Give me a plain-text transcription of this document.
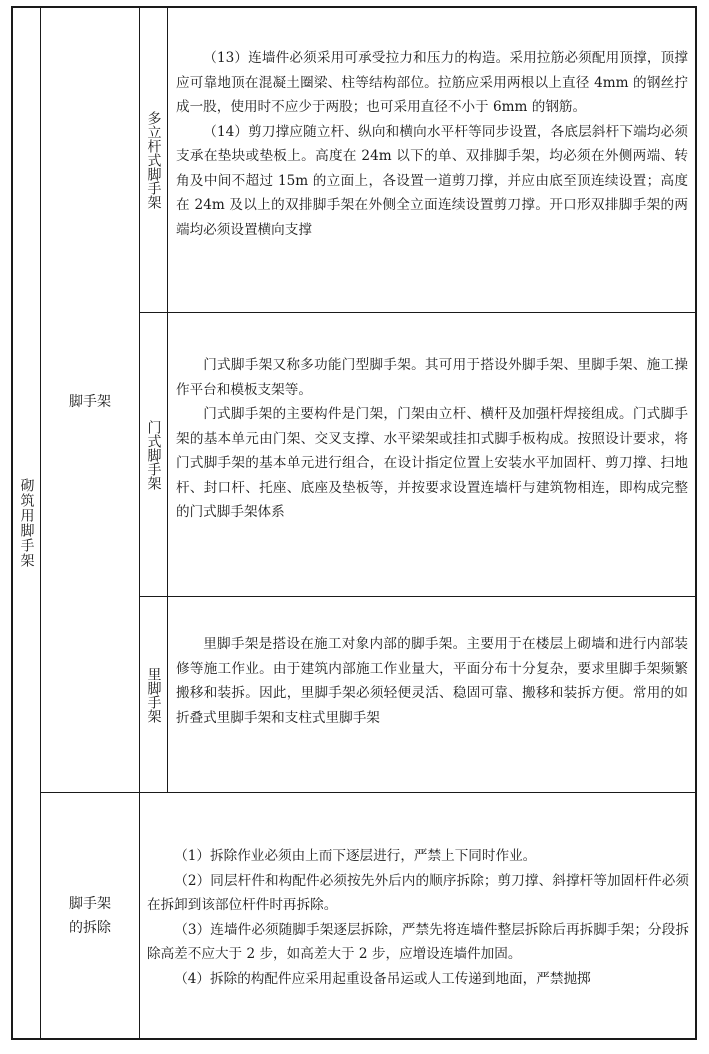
砌筑用脚手架
脚手架
多立杆式脚手架

（13）连墙件必须采用可承受拉力和压力的构造。采用拉筋必须配用顶撑，顶撑应可靠地顶在混凝土圈梁、柱等结构部位。拉筋应采用两根以上直径 4mm 的钢丝拧成一股，使用时不应少于两股；也可采用直径不小于 6mm 的钢筋。

（14）剪刀撑应随立杆、纵向和横向水平杆等同步设置，各底层斜杆下端均必须支承在垫块或垫板上。高度在 24m 以下的单、双排脚手架，均必须在外侧两端、转角及中间不超过 15m 的立面上，各设置一道剪刀撑，并应由底至顶连续设置；高度在 24m 及以上的双排脚手架在外侧全立面连续设置剪刀撑。开口形双排脚手架的两端均必须设置横向支撑

门式脚手架

门式脚手架又称多功能门型脚手架。其可用于搭设外脚手架、里脚手架、施工操作平台和模板支架等。

门式脚手架的主要构件是门架，门架由立杆、横杆及加强杆焊接组成。门式脚手架的基本单元由门架、交叉支撑、水平梁架或挂扣式脚手板构成。按照设计要求，将门式脚手架的基本单元进行组合，在设计指定位置上安装水平加固杆、剪刀撑、扫地杆、封口杆、托座、底座及垫板等，并按要求设置连墙杆与建筑物相连，即构成完整的门式脚手架体系

里脚手架

里脚手架是搭设在施工对象内部的脚手架。主要用于在楼层上砌墙和进行内部装修等施工作业。由于建筑内部施工作业量大，平面分布十分复杂，要求里脚手架频繁搬移和装拆。因此，里脚手架必须轻便灵活、稳固可靠、搬移和装拆方便。常用的如折叠式里脚手架和支柱式里脚手架

脚手架
的拆除

（1）拆除作业必须由上而下逐层进行，严禁上下同时作业。

（2）同层杆件和构配件必须按先外后内的顺序拆除；剪刀撑、斜撑杆等加固杆件必须在拆卸到该部位杆件时再拆除。

（3）连墙件必须随脚手架逐层拆除，严禁先将连墙件整层拆除后再拆脚手架；分段拆除高差不应大于 2 步，如高差大于 2 步，应增设连墙件加固。

（4）拆除的构配件应采用起重设备吊运或人工传递到地面，严禁抛掷
